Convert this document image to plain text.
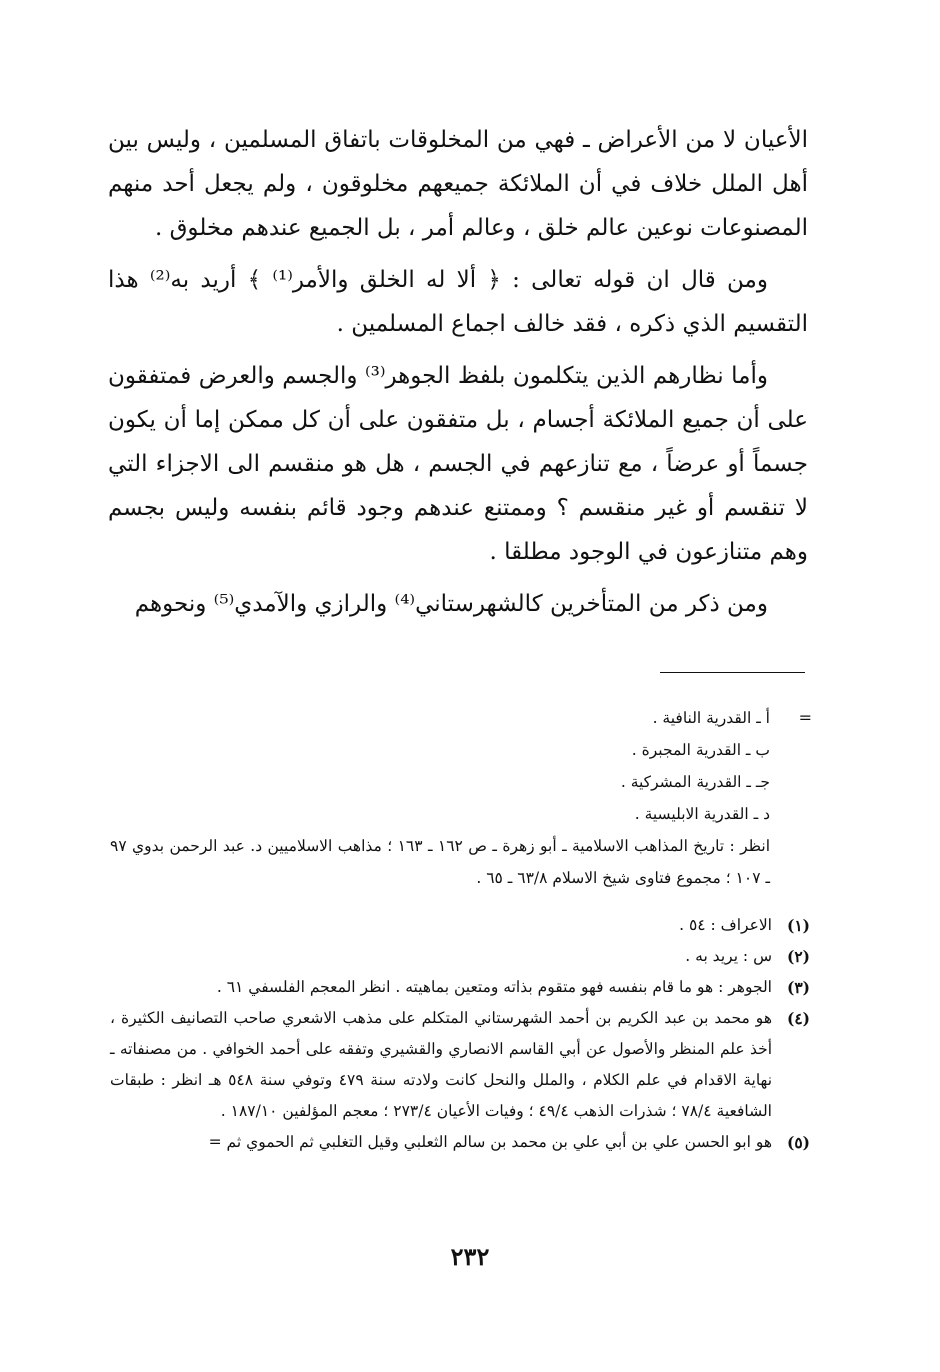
الأعيان لا من الأعراض ـ فهي من المخلوقات باتفاق المسلمين ، وليس بين أهل الملل خلاف في أن الملائكة جميعهم مخلوقون ، ولم يجعل أحد منهم المصنوعات نوعين عالم خلق ، وعالم أمر ، بل الجميع عندهم مخلوق .

ومن قال ان قوله تعالى : ﴿ ألا له الخلق والأمر⁽¹⁾ ﴾ أريد به⁽²⁾ هذا التقسيم الذي ذكره ، فقد خالف اجماع المسلمين .

وأما نظارهم الذين يتكلمون بلفظ الجوهر⁽³⁾ والجسم والعرض فمتفقون على أن جميع الملائكة أجسام ، بل متفقون على أن كل ممكن إما أن يكون جسماً أو عرضاً ، مع تنازعهم في الجسم ، هل هو منقسم الى الاجزاء التي لا تنقسم أو غير منقسم ؟ وممتنع عندهم وجود قائم بنفسه وليس بجسم وهم متنازعون في الوجود مطلقا .

ومن ذكر من المتأخرين كالشهرستاني⁽⁴⁾ والرازي والآمدي⁽⁵⁾ ونحوهم

=
أ ـ القدرية النافية .
ب ـ القدرية المجبرة .
جـ ـ القدرية المشركية .
د ـ القدرية الابليسية .
انظر : تاريخ المذاهب الاسلامية ـ أبو زهرة ـ ص ١٦٢ ـ ١٦٣ ؛ مذاهب الاسلاميين د. عبد الرحمن بدوي ٩٧ ـ ١٠٧ ؛ مجموع فتاوى شيخ الاسلام ٦٣/٨ ـ ٦٥ .
(١)
الاعراف : ٥٤ .
(٢)
س : يريد به .
(٣)
الجوهر : هو ما قام بنفسه فهو متقوم بذاته ومتعين بماهيته . انظر المعجم الفلسفي ٦١ .
(٤)
هو محمد بن عبد الكريم بن أحمد الشهرستاني المتكلم على مذهب الاشعري صاحب التصانيف الكثيرة ، أخذ علم المنظر والأصول عن أبي القاسم الانصاري والقشيري وتفقه على أحمد الخوافي . من مصنفاته ـ نهاية الاقدام في علم الكلام ، والملل والنحل كانت ولادته سنة ٤٧٩ وتوفي سنة ٥٤٨ هـ انظر : طبقات الشافعية ٧٨/٤ ؛ شذرات الذهب ٤٩/٤ ؛ وفيات الأعيان ٢٧٣/٤ ؛ معجم المؤلفين ١٨٧/١٠ .
(٥)
هو ابو الحسن علي بن أبي علي بن محمد بن سالم الثعلبي وقيل التغلبي ثم الحموي ثم =
٢٣٢
